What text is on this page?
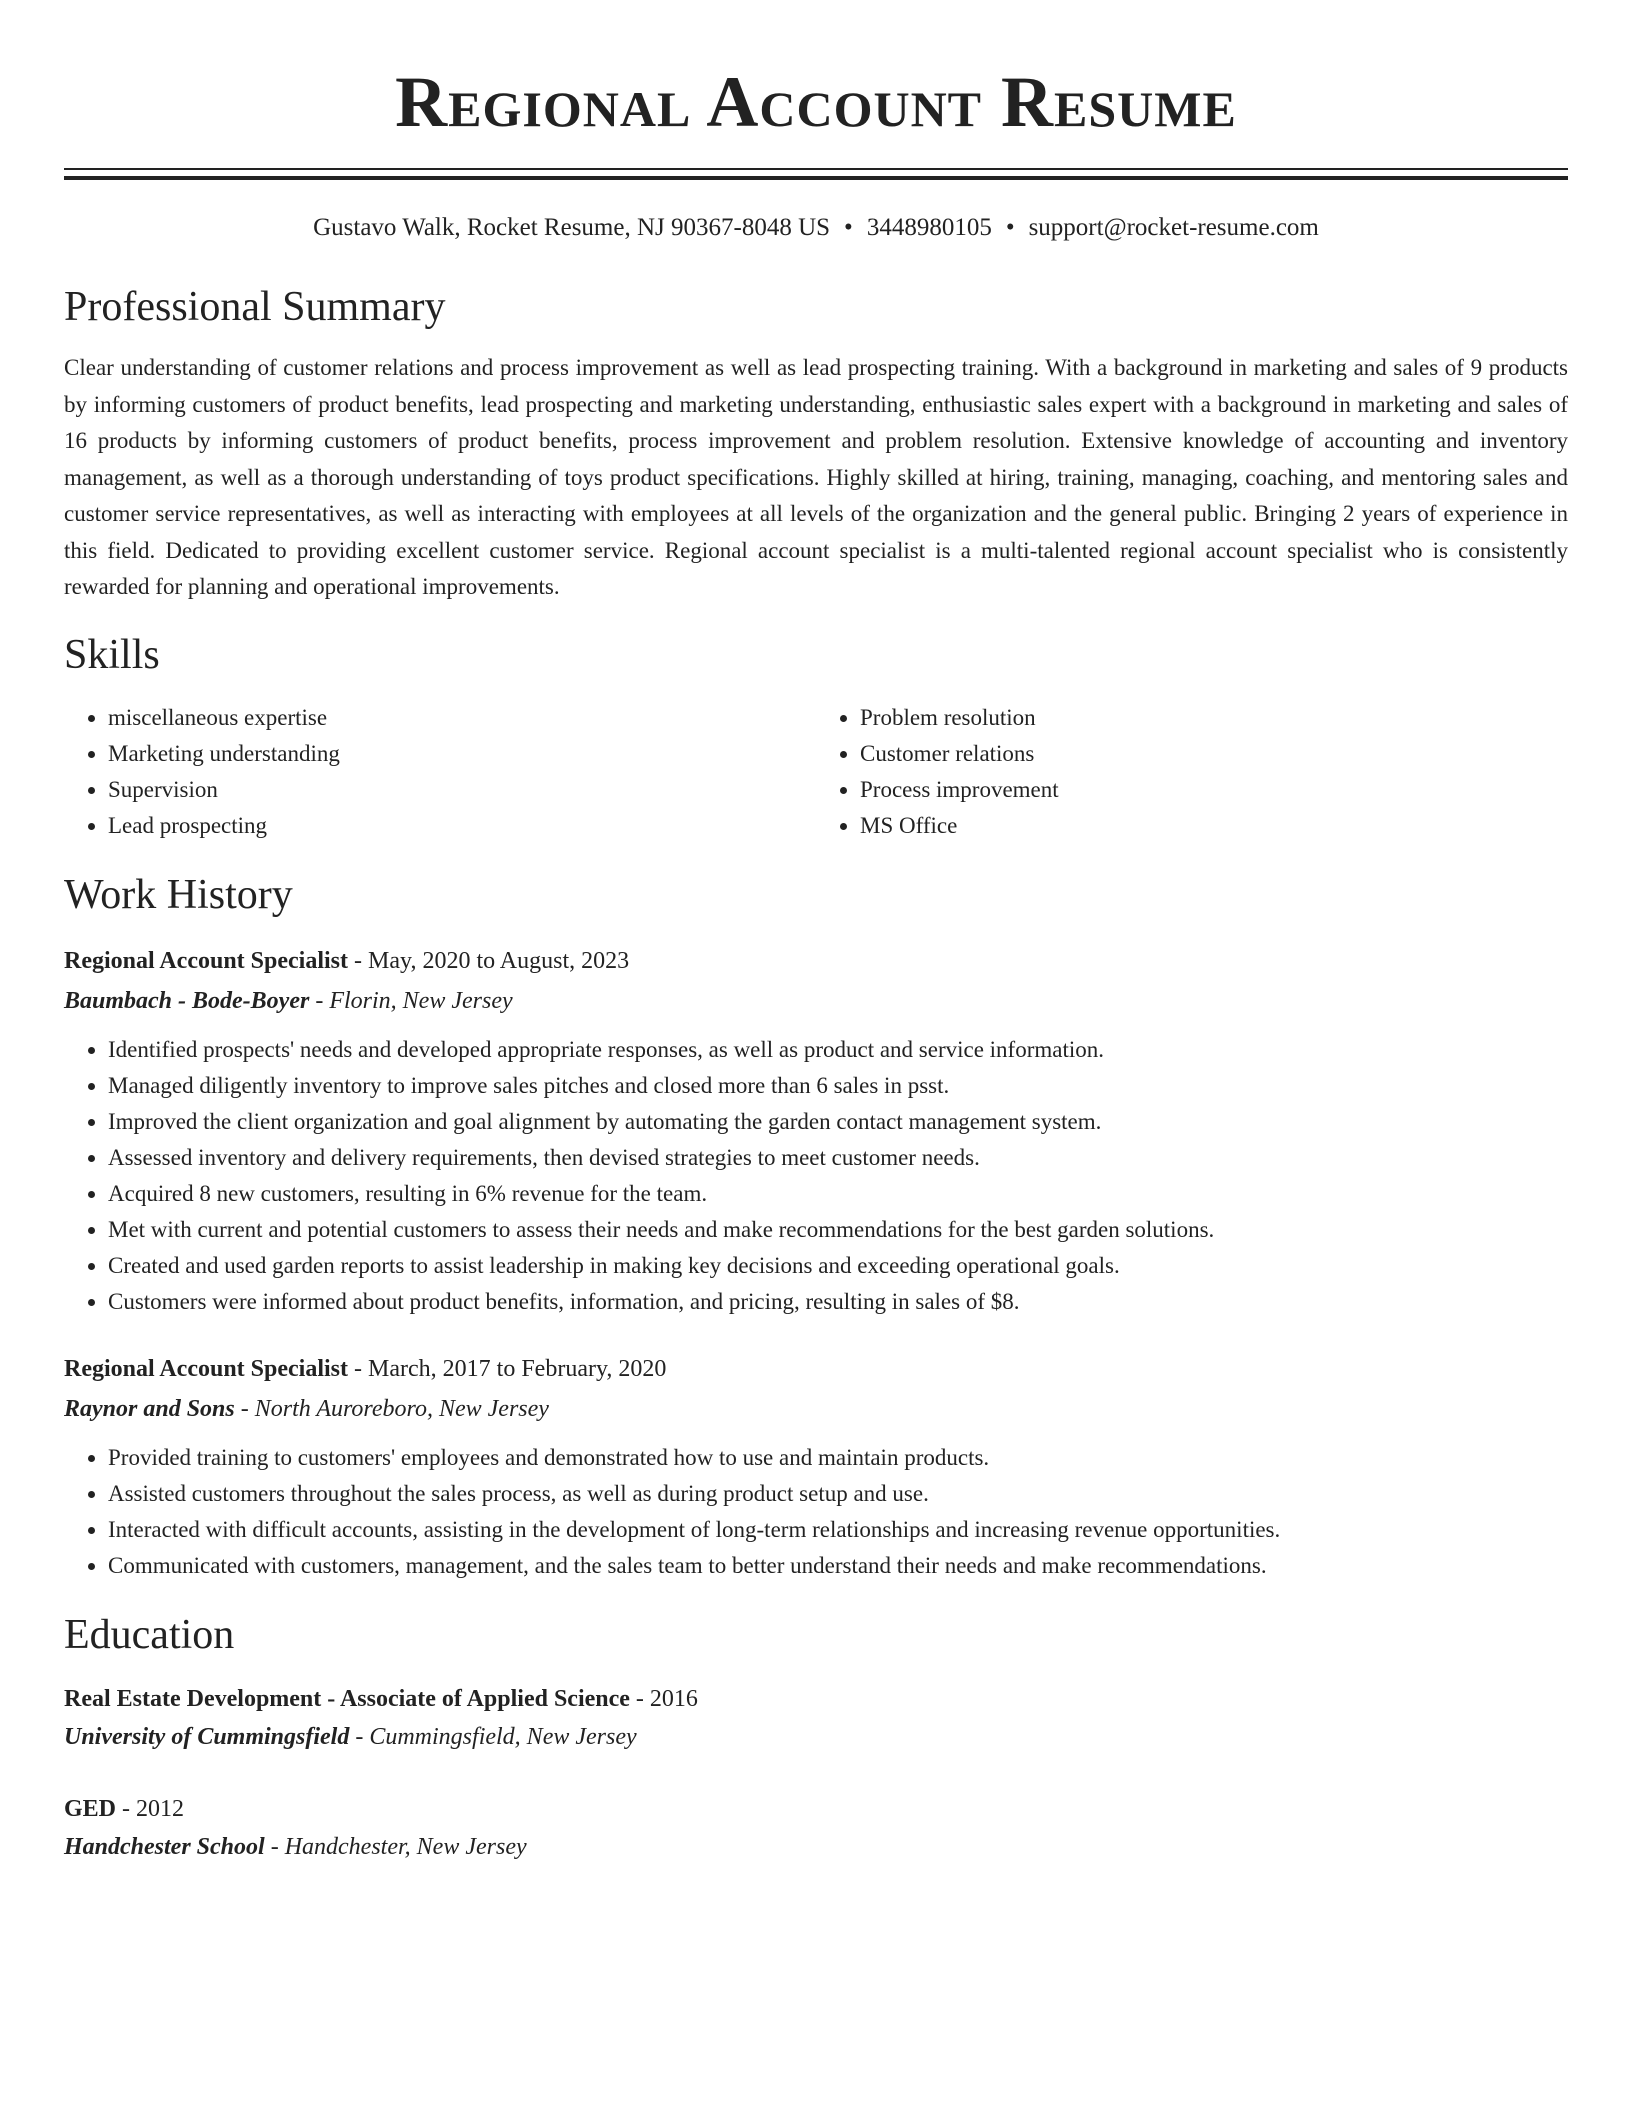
Regional Account Resume
Gustavo Walk, Rocket Resume, NJ 90367-8048 US • 3448980105 • support@rocket-resume.com
Professional Summary

Clear understanding of customer relations and process improvement as well as lead prospecting training. With a background in marketing and sales of 9 products by informing customers of product benefits, lead prospecting and marketing understanding, enthusiastic sales expert with a background in marketing and sales of 16 products by informing customers of product benefits, process improvement and problem resolution. Extensive knowledge of accounting and inventory management, as well as a thorough understanding of toys product specifications. Highly skilled at hiring, training, managing, coaching, and mentoring sales and customer service representatives, as well as interacting with employees at all levels of the organization and the general public. Bringing 2 years of experience in this field. Dedicated to providing excellent customer service. Regional account specialist is a multi-talented regional account specialist who is consistently rewarded for planning and operational improvements.

Skills
• miscellaneous expertise
• Marketing understanding
• Supervision
• Lead prospecting
• Problem resolution
• Customer relations
• Process improvement
• MS Office
Work History
Regional Account Specialist - May, 2020 to August, 2023
Baumbach - Bode-Boyer - Florin, New Jersey
• Identified prospects' needs and developed appropriate responses, as well as product and service information.
• Managed diligently inventory to improve sales pitches and closed more than 6 sales in psst.
• Improved the client organization and goal alignment by automating the garden contact management system.
• Assessed inventory and delivery requirements, then devised strategies to meet customer needs.
• Acquired 8 new customers, resulting in 6% revenue for the team.
• Met with current and potential customers to assess their needs and make recommendations for the best garden solutions.
• Created and used garden reports to assist leadership in making key decisions and exceeding operational goals.
• Customers were informed about product benefits, information, and pricing, resulting in sales of $8.
Regional Account Specialist - March, 2017 to February, 2020
Raynor and Sons - North Auroreboro, New Jersey
• Provided training to customers' employees and demonstrated how to use and maintain products.
• Assisted customers throughout the sales process, as well as during product setup and use.
• Interacted with difficult accounts, assisting in the development of long-term relationships and increasing revenue opportunities.
• Communicated with customers, management, and the sales team to better understand their needs and make recommendations.
Education
Real Estate Development - Associate of Applied Science - 2016
University of Cummingsfield - Cummingsfield, New Jersey
GED - 2012
Handchester School - Handchester, New Jersey
